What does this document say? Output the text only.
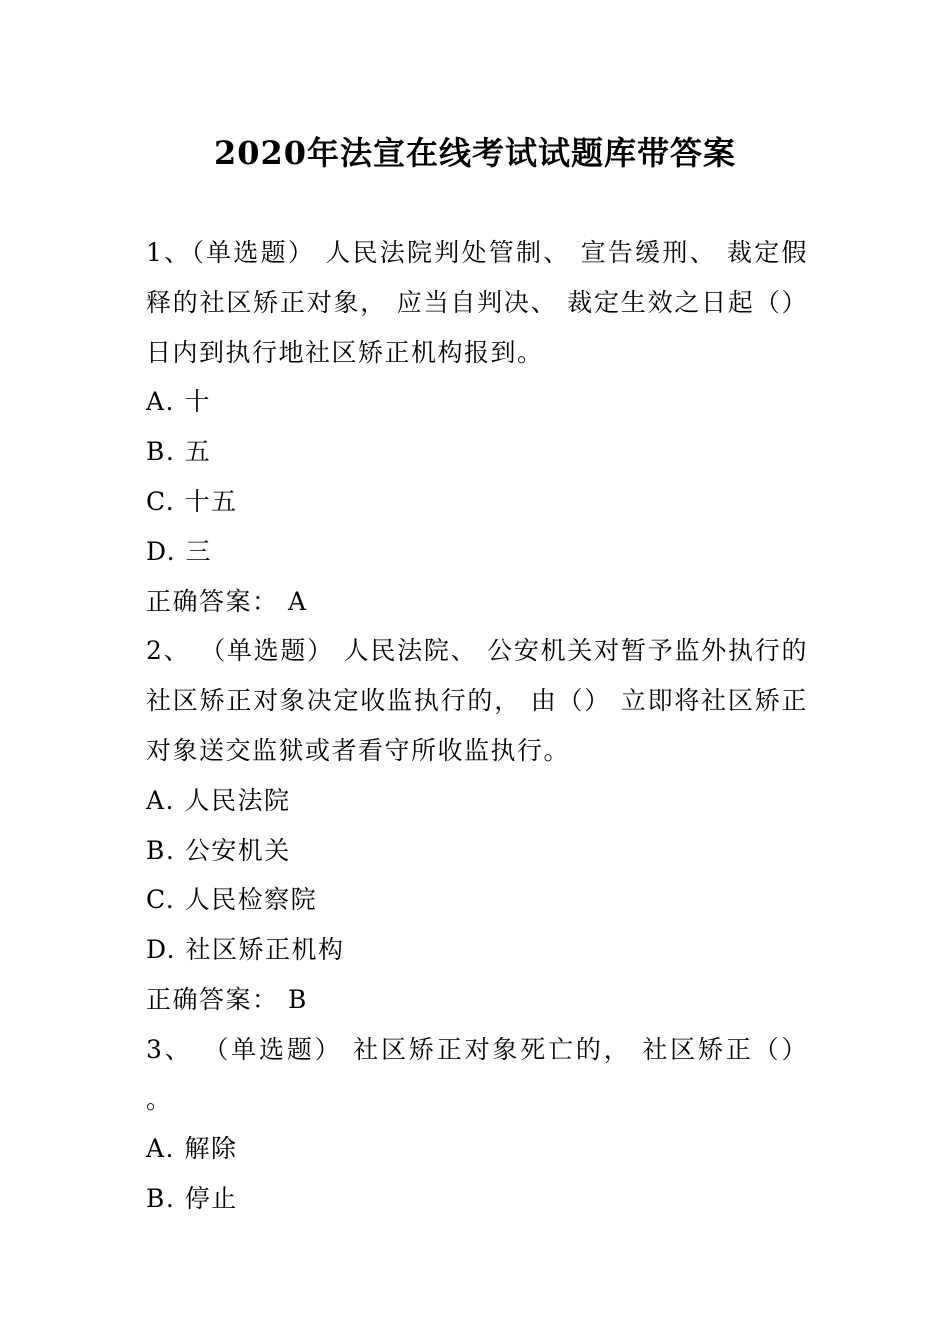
2020年法宣在线考试试题库带答案

1、（单选题） 人民法院判处管制、 宣告缓刑、 裁定假释的社区矫正对象， 应当自判决、 裁定生效之日起（） 日内到执行地社区矫正机构报到。

A. 十

B. 五

C. 十五

D. 三

正确答案： A

2、 （单选题） 人民法院、 公安机关对暂予监外执行的社区矫正对象决定收监执行的， 由（） 立即将社区矫正对象送交监狱或者看守所收监执行。

A. 人民法院

B. 公安机关

C. 人民检察院

D. 社区矫正机构

正确答案： B

3、 （单选题） 社区矫正对象死亡的， 社区矫正（） 。

A. 解除

B. 停止
